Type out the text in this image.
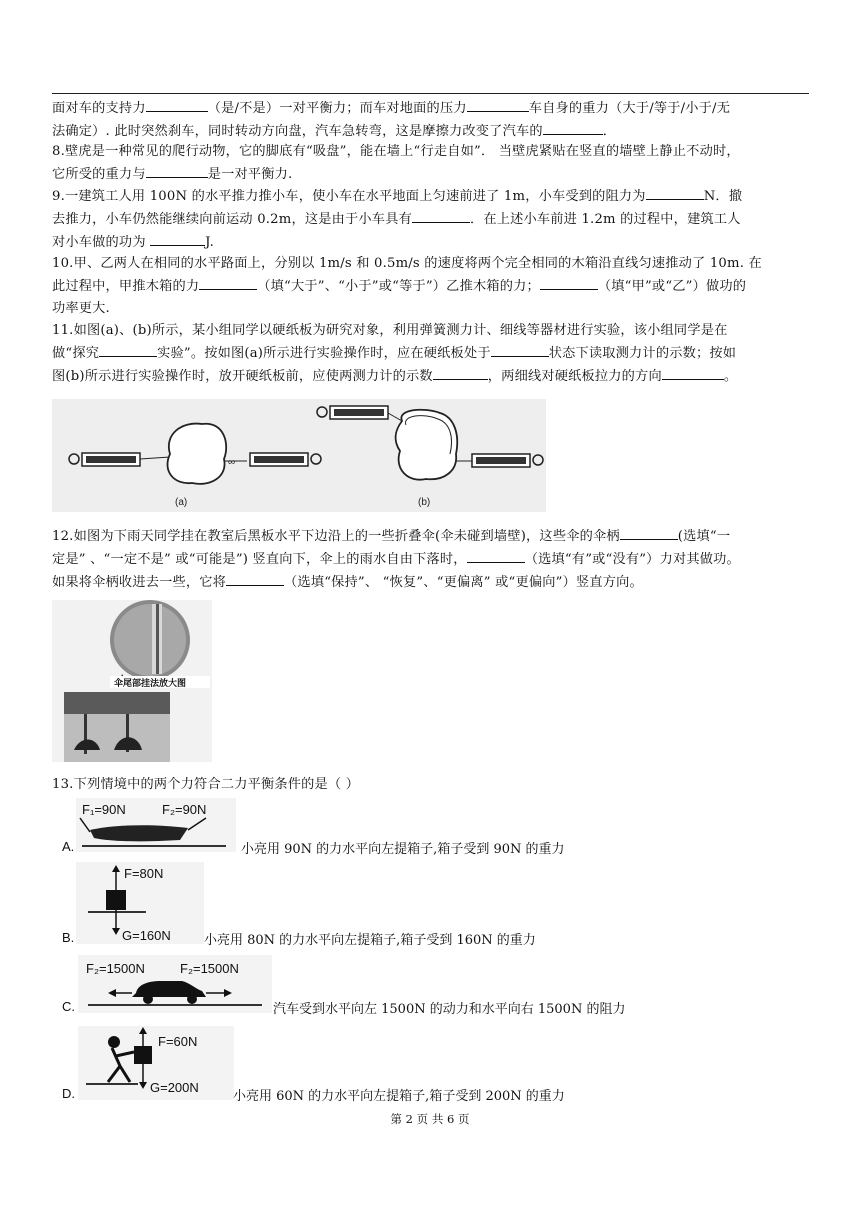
面对车的支持力	（是/不是）一对平衡力；而车对地面的压力	车自身的重力（大于/等于/小于/无
法确定）. 此时突然刹车，同时转动方向盘，汽车急转弯，这是摩擦力改变了汽车的	．
8.壁虎是一种常见的爬行动物，它的脚底有“吸盘”，能在墙上“行走自如”． 当壁虎紧贴在竖直的墙壁上静止不动时，
它所受的重力与	是一对平衡力.
9.一建筑工人用 100N 的水平推力推小车，使小车在水平地面上匀速前进了 1m，小车受到的阻力为	N．撤
去推力，小车仍然能继续向前运动 0.2m，这是由于小车具有	．在上述小车前进 1.2m 的过程中，建筑工人
对小车做的功为	J.
10.甲、乙两人在相同的水平路面上，分别以 1m/s 和 0.5m/s 的速度将两个完全相同的木箱沿直线匀速推动了 10m. 在
此过程中，甲推木箱的力	（填“大于”、“小于”或“等于”）乙推木箱的力；	（填“甲”或“乙”）做功的
功率更大.
11.如图(a)、(b)所示，某小组同学以硬纸板为研究对象，利用弹簧测力计、细线等器材进行实验，该小组同学是在
做“探究	实验”。按如图(a)所示进行实验操作时，应在硬纸板处于	状态下读取测力计的示数；按如
图(b)所示进行实验操作时，放开硬纸板前，应使两测力计的示数	，两细线对硬纸板拉力的方向	。
∞
(a)	(b)
12.如图为下雨天同学挂在教室后黑板水平下边沿上的一些折叠伞(伞未碰到墙壁)，这些伞的伞柄	(选填“一
定是” 、“一定不是” 或“可能是”) 竖直向下，伞上的雨水自由下落时，	（选填“有”或“没有”）力对其做功。
如果将伞柄收进去一些，它将	（选填“保持”、 “恢复”、“更偏离” 或“更偏向”）竖直方向。
伞尾部挂法放大图
13.下列情境中的两个力符合二力平衡条件的是（ ）
A.
F₁=90N	F₂=90N
小亮用 90N 的力水平向左提箱子,箱子受到 90N 的重力
B.
F=80N
G=160N	小亮用 80N 的力水平向左提箱子,箱子受到 160N 的重力
C.
F₂=1500N	F₂=1500N
汽车受到水平向左 1500N 的动力和水平向右 1500N 的阻力
D.
F=60N
G=200N
小亮用 60N 的力水平向左提箱子,箱子受到 200N 的重力
第 2 页 共 6 页
